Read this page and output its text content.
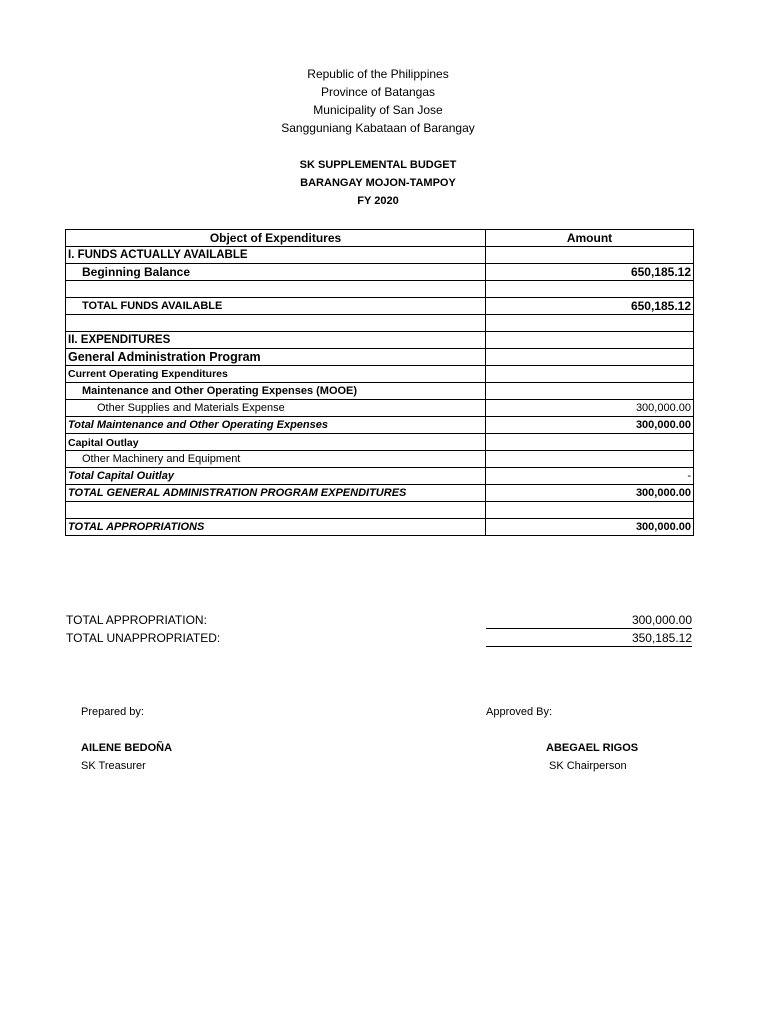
Republic of the Philippines
Province of Batangas
Municipality of San Jose
Sangguniang Kabataan of Barangay
SK SUPPLEMENTAL BUDGET
BARANGAY MOJON-TAMPOY
FY 2020
Object of Expenditures	Amount
I. FUNDS ACTUALLY AVAILABLE	
Beginning Balance	650,185.12

TOTAL FUNDS AVAILABLE	650,185.12

II. EXPENDITURES	
General Administration Program	
Current Operating Expenditures	
Maintenance and Other Operating Expenses (MOOE)	
Other Supplies and Materials Expense	300,000.00
Total Maintenance and Other Operating Expenses	300,000.00
Capital Outlay	
Other Machinery and Equipment	
Total Capital Ouitlay	-
TOTAL GENERAL ADMINISTRATION PROGRAM EXPENDITURES	300,000.00

TOTAL APPROPRIATIONS	300,000.00
TOTAL APPROPRIATION:	300,000.00
TOTAL UNAPPROPRIATED:	350,185.12
Prepared by:
AILENE BEDOÑA
SK Treasurer
Approved By:
ABEGAEL RIGOS
SK Chairperson
